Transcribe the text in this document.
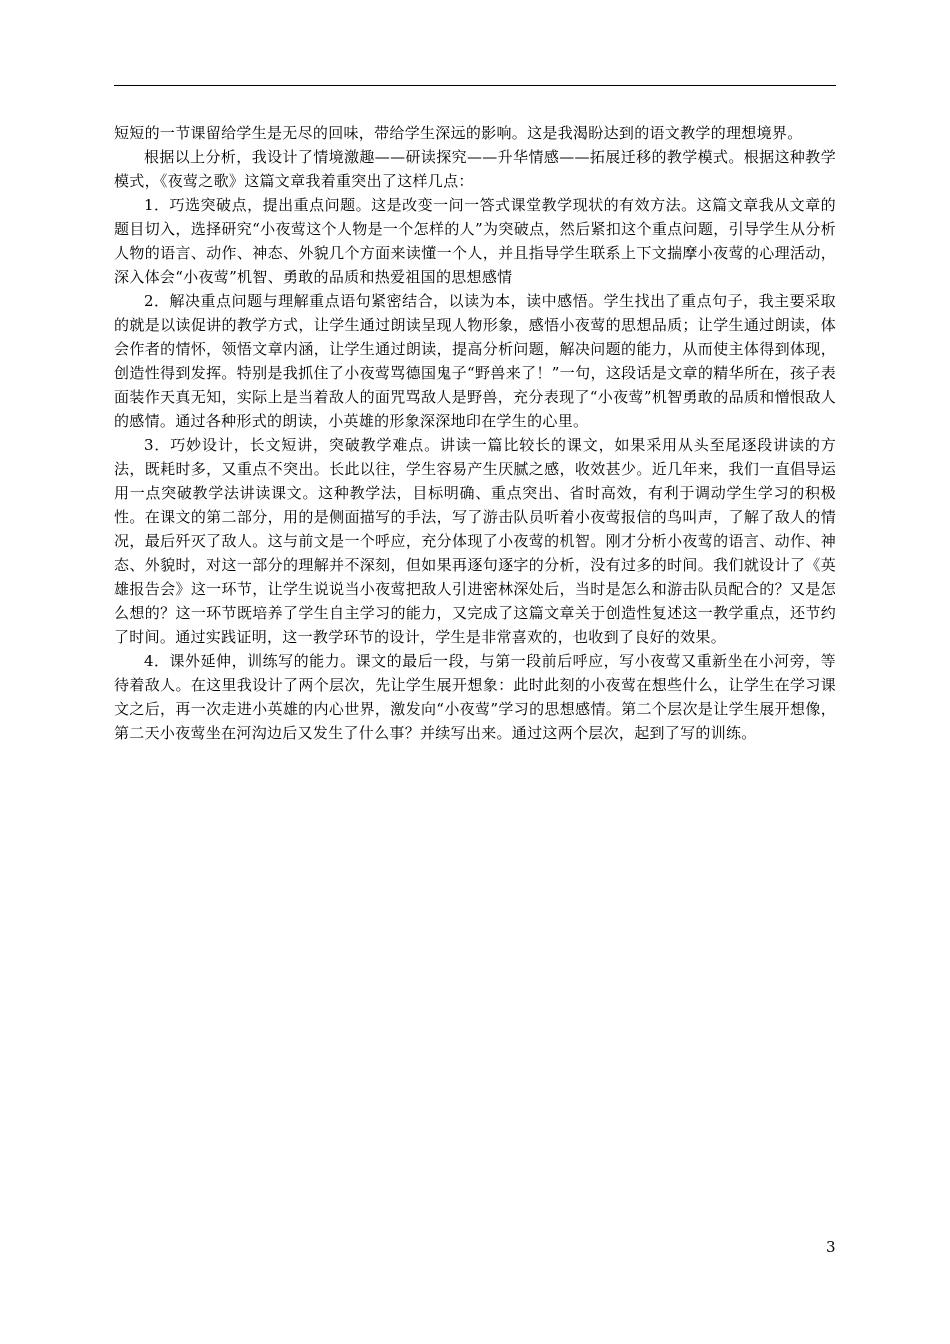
短短的一节课留给学生是无尽的回味，带给学生深远的影响。这是我渴盼达到的语文教学的理想境界。

根据以上分析，我设计了情境激趣——研读探究——升华情感——拓展迁移的教学模式。根据这种教学模式，《夜莺之歌》这篇文章我着重突出了这样几点：

1．巧选突破点，提出重点问题。这是改变一问一答式课堂教学现状的有效方法。这篇文章我从文章的题目切入，选择研究“小夜莺这个人物是一个怎样的人”为突破点，然后紧扣这个重点问题，引导学生从分析人物的语言、动作、神态、外貌几个方面来读懂一个人，并且指导学生联系上下文揣摩小夜莺的心理活动，深入体会“小夜莺”机智、勇敢的品质和热爱祖国的思想感情

2．解决重点问题与理解重点语句紧密结合，以读为本，读中感悟。学生找出了重点句子，我主要采取的就是以读促讲的教学方式，让学生通过朗读呈现人物形象，感悟小夜莺的思想品质；让学生通过朗读，体会作者的情怀，领悟文章内涵，让学生通过朗读，提高分析问题，解决问题的能力，从而使主体得到体现，创造性得到发挥。特别是我抓住了小夜莺骂德国鬼子“野兽来了！”一句，这段话是文章的精华所在，孩子表面装作天真无知，实际上是当着敌人的面咒骂敌人是野兽，充分表现了“小夜莺”机智勇敢的品质和憎恨敌人的感情。通过各种形式的朗读，小英雄的形象深深地印在学生的心里。

3．巧妙设计，长文短讲，突破教学难点。讲读一篇比较长的课文，如果采用从头至尾逐段讲读的方法，既耗时多，又重点不突出。长此以往，学生容易产生厌腻之感，收效甚少。近几年来，我们一直倡导运用一点突破教学法讲读课文。这种教学法，目标明确、重点突出、省时高效，有利于调动学生学习的积极性。在课文的第二部分，用的是侧面描写的手法，写了游击队员听着小夜莺报信的鸟叫声，了解了敌人的情况，最后歼灭了敌人。这与前文是一个呼应，充分体现了小夜莺的机智。刚才分析小夜莺的语言、动作、神态、外貌时，对这一部分的理解并不深刻，但如果再逐句逐字的分析，没有过多的时间。我们就设计了《英雄报告会》这一环节，让学生说说当小夜莺把敌人引进密林深处后，当时是怎么和游击队员配合的？又是怎么想的？这一环节既培养了学生自主学习的能力，又完成了这篇文章关于创造性复述这一教学重点，还节约了时间。通过实践证明，这一教学环节的设计，学生是非常喜欢的，也收到了良好的效果。

4．课外延伸，训练写的能力。课文的最后一段，与第一段前后呼应，写小夜莺又重新坐在小河旁，等待着敌人。在这里我设计了两个层次，先让学生展开想象：此时此刻的小夜莺在想些什么，让学生在学习课文之后，再一次走进小英雄的内心世界，激发向“小夜莺”学习的思想感情。第二个层次是让学生展开想像，第二天小夜莺坐在河沟边后又发生了什么事？并续写出来。通过这两个层次，起到了写的训练。

3
